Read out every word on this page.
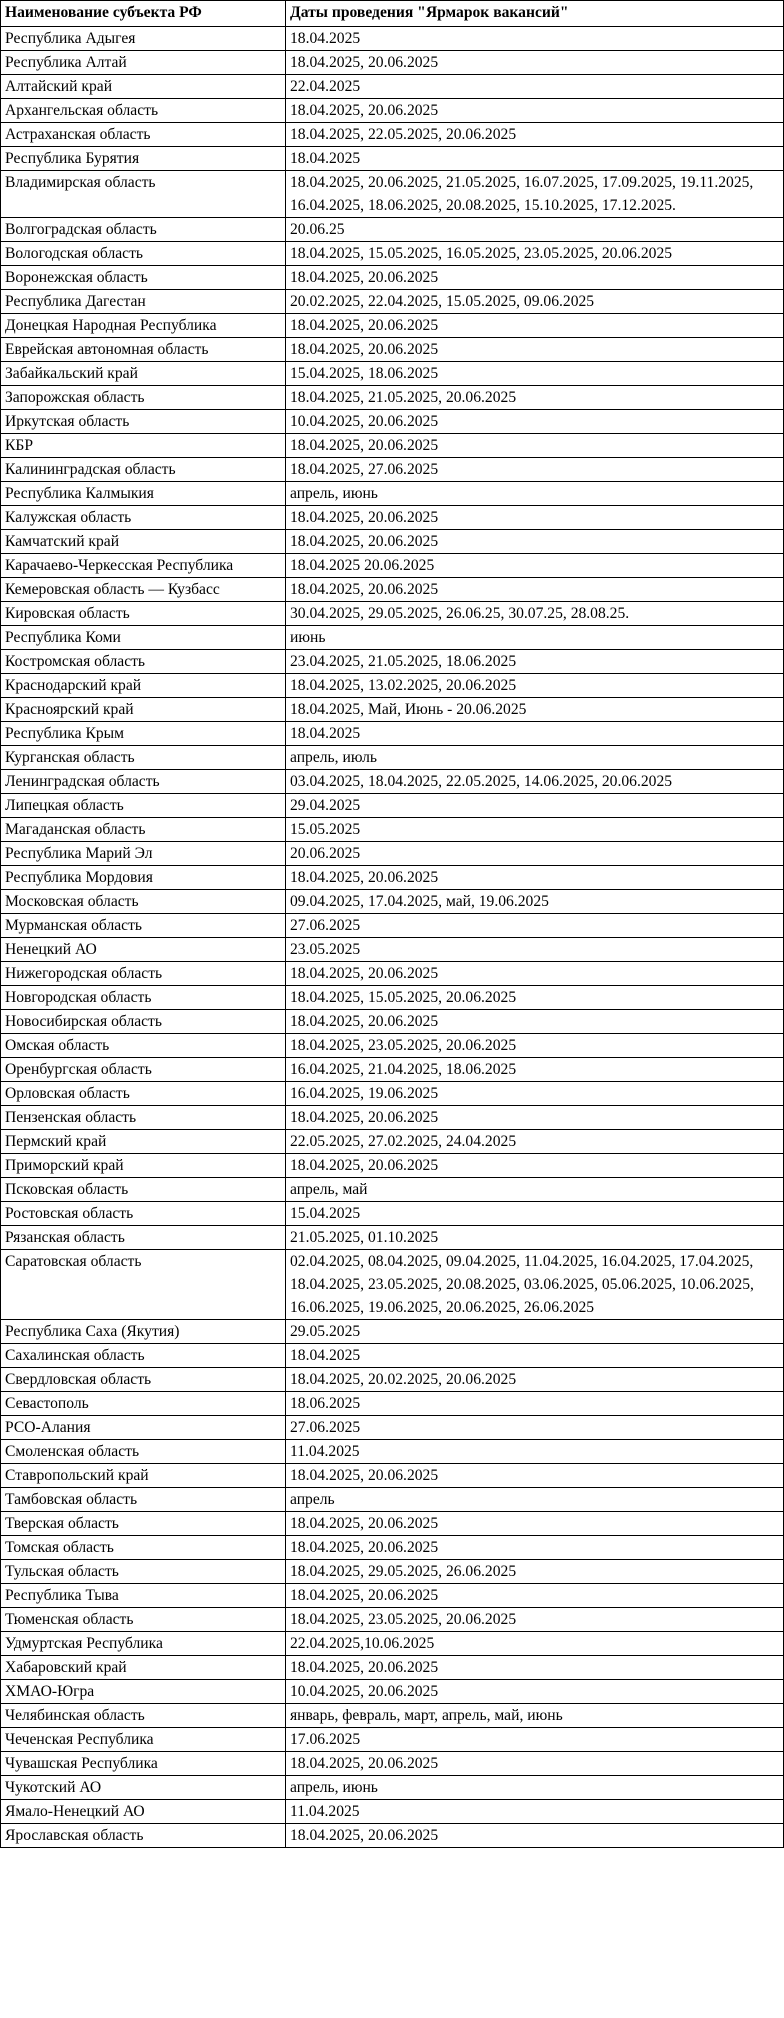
Наименование субъекта РФ	Даты проведения "Ярмарок вакансий"
Республика Адыгея	18.04.2025
Республика Алтай	18.04.2025, 20.06.2025
Алтайский край	22.04.2025
Архангельская область	18.04.2025, 20.06.2025
Астраханская область	18.04.2025, 22.05.2025, 20.06.2025
Республика Бурятия	18.04.2025
Владимирская область	18.04.2025, 20.06.2025, 21.05.2025, 16.07.2025, 17.09.2025, 19.11.2025, 16.04.2025, 18.06.2025, 20.08.2025, 15.10.2025, 17.12.2025.
Волгоградская область	20.06.25
Вологодская область	18.04.2025, 15.05.2025, 16.05.2025, 23.05.2025, 20.06.2025
Воронежская область	18.04.2025, 20.06.2025
Республика Дагестан	20.02.2025, 22.04.2025, 15.05.2025, 09.06.2025
Донецкая Народная Республика	18.04.2025, 20.06.2025
Еврейская автономная область	18.04.2025, 20.06.2025
Забайкальский край	15.04.2025, 18.06.2025
Запорожская область	18.04.2025, 21.05.2025, 20.06.2025
Иркутская область	10.04.2025, 20.06.2025
КБР	18.04.2025, 20.06.2025
Калининградская область	18.04.2025, 27.06.2025
Республика Калмыкия	апрель, июнь
Калужская область	18.04.2025, 20.06.2025
Камчатский край	18.04.2025, 20.06.2025
Карачаево-Черкесская Республика	18.04.2025 20.06.2025
Кемеровская область — Кузбасс	18.04.2025, 20.06.2025
Кировская область	30.04.2025, 29.05.2025, 26.06.25, 30.07.25, 28.08.25.
Республика Коми	июнь
Костромская область	23.04.2025, 21.05.2025, 18.06.2025
Краснодарский край	18.04.2025, 13.02.2025, 20.06.2025
Красноярский край	18.04.2025, Май, Июнь - 20.06.2025
Республика Крым	18.04.2025
Курганская область	апрель, июль
Ленинградская область	03.04.2025, 18.04.2025, 22.05.2025, 14.06.2025, 20.06.2025
Липецкая область	29.04.2025
Магаданская область	15.05.2025
Республика Марий Эл	20.06.2025
Республика Мордовия	18.04.2025, 20.06.2025
Московская область	09.04.2025, 17.04.2025, май, 19.06.2025
Мурманская область	27.06.2025
Ненецкий АО	23.05.2025
Нижегородская область	18.04.2025, 20.06.2025
Новгородская область	18.04.2025, 15.05.2025, 20.06.2025
Новосибирская область	18.04.2025, 20.06.2025
Омская область	18.04.2025, 23.05.2025, 20.06.2025
Оренбургская область	16.04.2025, 21.04.2025, 18.06.2025
Орловская область	16.04.2025, 19.06.2025
Пензенская область	18.04.2025, 20.06.2025
Пермский край	22.05.2025, 27.02.2025, 24.04.2025
Приморский край	18.04.2025, 20.06.2025
Псковская область	апрель, май
Ростовская область	15.04.2025
Рязанская область	21.05.2025, 01.10.2025
Саратовская область	02.04.2025, 08.04.2025, 09.04.2025, 11.04.2025, 16.04.2025, 17.04.2025, 18.04.2025, 23.05.2025, 20.08.2025, 03.06.2025, 05.06.2025, 10.06.2025, 16.06.2025, 19.06.2025, 20.06.2025, 26.06.2025
Республика Саха (Якутия)	29.05.2025
Сахалинская область	18.04.2025
Свердловская область	18.04.2025, 20.02.2025, 20.06.2025
Севастополь	18.06.2025
РСО-Алания	27.06.2025
Смоленская область	11.04.2025
Ставропольский край	18.04.2025, 20.06.2025
Тамбовская область	апрель
Тверская область	18.04.2025, 20.06.2025
Томская область	18.04.2025, 20.06.2025
Тульская область	18.04.2025, 29.05.2025, 26.06.2025
Республика Тыва	18.04.2025, 20.06.2025
Тюменская область	18.04.2025, 23.05.2025, 20.06.2025
Удмуртская Республика	22.04.2025,10.06.2025
Хабаровский край	18.04.2025, 20.06.2025
ХМАО-Югра	10.04.2025, 20.06.2025
Челябинская область	январь, февраль, март, апрель, май, июнь
Чеченская Республика	17.06.2025
Чувашская Республика	18.04.2025, 20.06.2025
Чукотский АО	апрель, июнь
Ямало-Ненецкий АО	11.04.2025
Ярославская область	18.04.2025, 20.06.2025
